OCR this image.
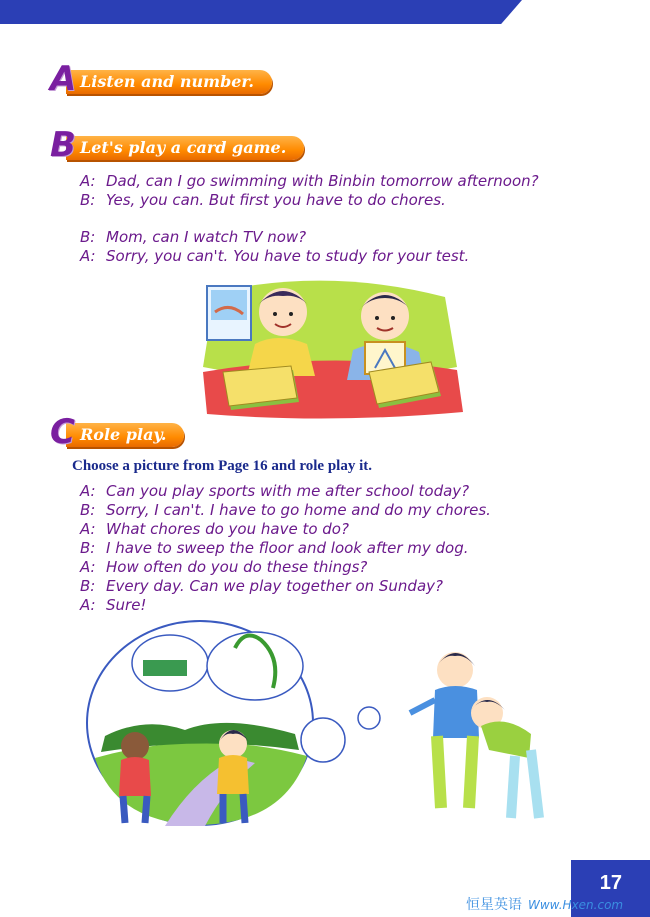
A Listen and number.
B Let's play a card game.
A: Dad, can I go swimming with Binbin tomorrow afternoon?
B: Yes, you can. But first you have to do chores.
B: Mom, can I watch TV now?
A: Sorry, you can't. You have to study for your test.
C Role play.
Choose a picture from Page 16 and role play it.
A: Can you play sports with me after school today?
B: Sorry, I can't. I have to go home and do my chores.
A: What chores do you have to do?
B: I have to sweep the floor and look after my dog.
A: How often do you do these things?
B: Every day. Can we play together on Sunday?
A: Sure!
17
恒星英语 Www.Hxen.com
